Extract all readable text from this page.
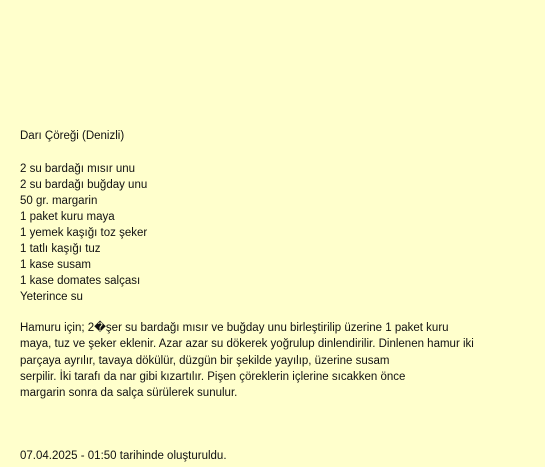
Darı Çöreği (Denizli)
2 su bardağı mısır unu
2 su bardağı buğday unu
50 gr. margarin
1 paket kuru maya
1 yemek kaşığı toz şeker
1 tatlı kaşığı tuz
1 kase susam
1 kase domates salçası
Yeterince su
Hamuru için; 2�şer su bardağı mısır ve buğday unu birleştirilip üzerine 1 paket kuru
maya, tuz ve şeker eklenir. Azar azar su dökerek yoğrulup dinlendirilir. Dinlenen hamur iki
parçaya ayrılır, tavaya dökülür, düzgün bir şekilde yayılıp, üzerine susam
serpilir. İki tarafı da nar gibi kızartılır. Pişen çöreklerin içlerine sıcakken önce
margarin sonra da salça sürülerek sunulur.
07.04.2025 - 01:50 tarihinde oluşturuldu.
